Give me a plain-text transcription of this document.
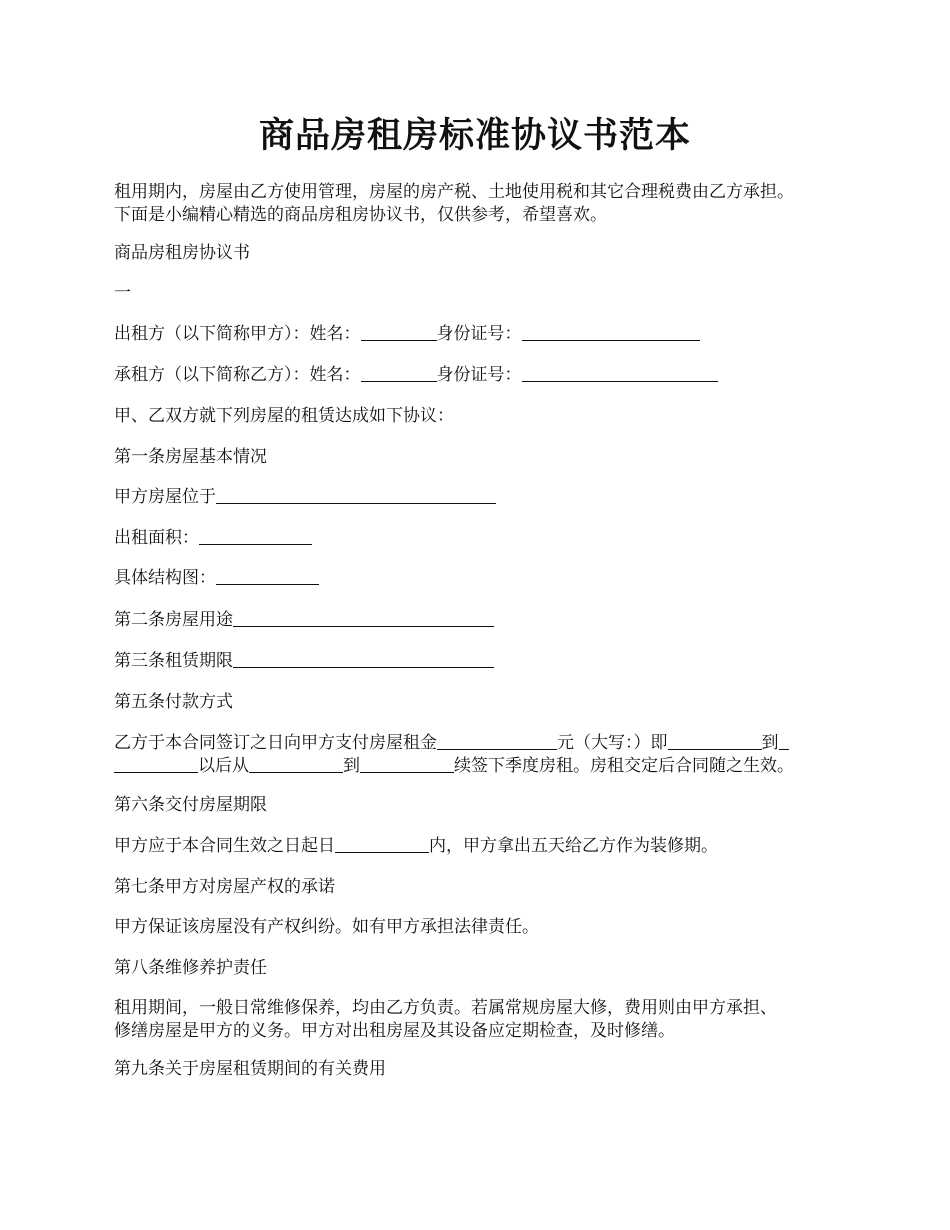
商品房租房标准协议书范本
租用期内，房屋由乙方使用管理，房屋的房产税、土地使用税和其它合理税费由乙方承担。
下面是小编精心精选的商品房租房协议书，仅供参考，希望喜欢。
商品房租房协议书
一
出租方（以下简称甲方）：姓名：	身份证号：
承租方（以下简称乙方）：姓名：	身份证号：
甲、乙双方就下列房屋的租赁达成如下协议：
第一条房屋基本情况
甲方房屋位于
出租面积：
具体结构图：
第二条房屋用途
第三条租赁期限
第五条付款方式
乙方于本合同签订之日向甲方支付房屋租金	元（大写：）即	到
以后从	到	续签下季度房租。房租交定后合同随之生效。
第六条交付房屋期限
甲方应于本合同生效之日起日	内，甲方拿出五天给乙方作为装修期。
第七条甲方对房屋产权的承诺
甲方保证该房屋没有产权纠纷。如有甲方承担法律责任。
第八条维修养护责任
租用期间，一般日常维修保养，均由乙方负责。若属常规房屋大修，费用则由甲方承担、
修缮房屋是甲方的义务。甲方对出租房屋及其设备应定期检查，及时修缮。
第九条关于房屋租赁期间的有关费用
